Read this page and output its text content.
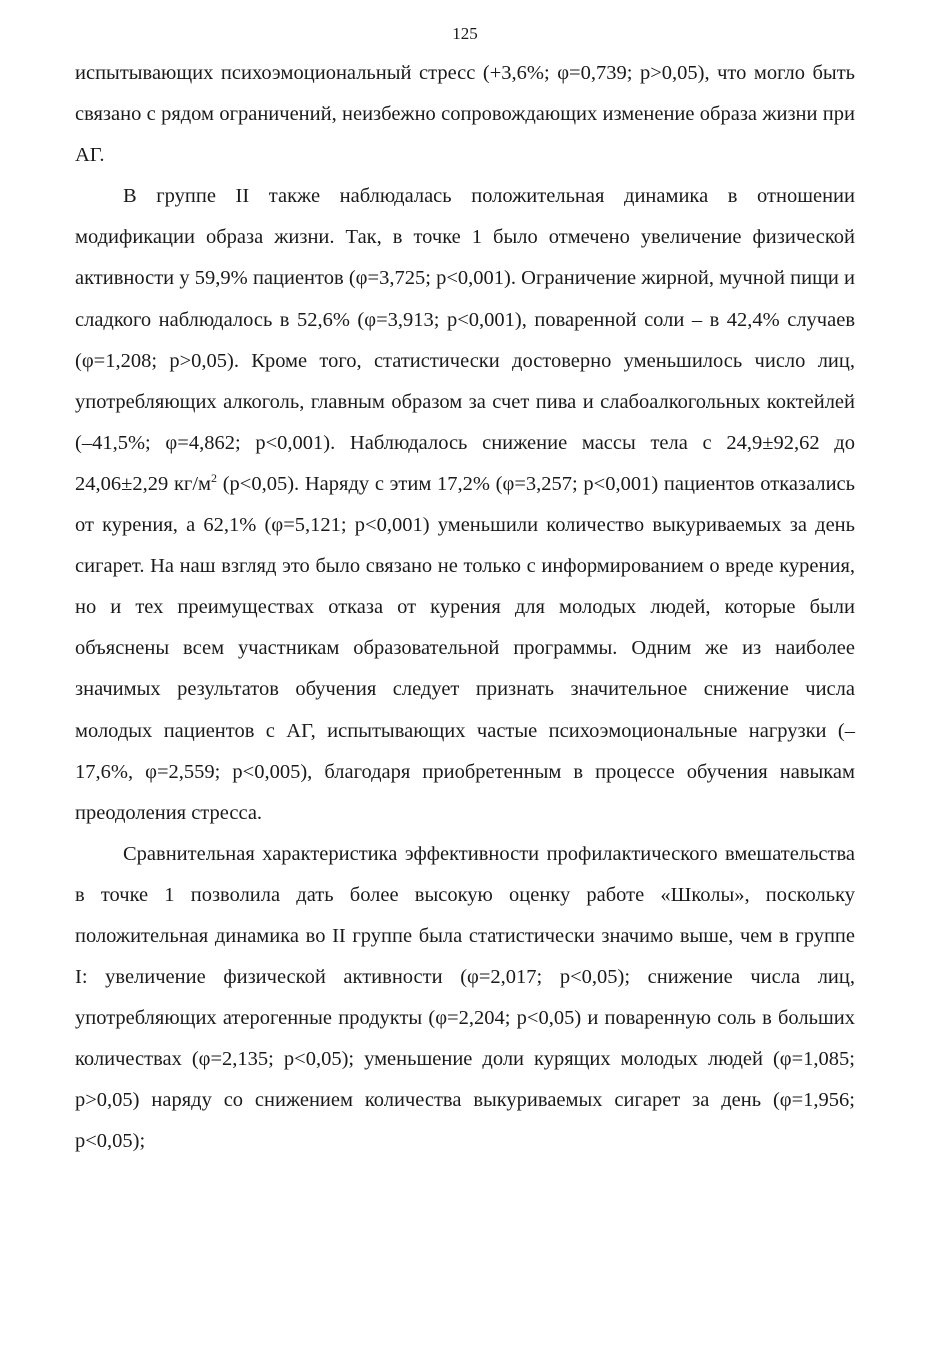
125

испытывающих психоэмоциональный стресс (+3,6%; φ=0,739; p>0,05), что могло быть связано с рядом ограничений, неизбежно сопровождающих изменение образа жизни при АГ.

В группе II также наблюдалась положительная динамика в отношении модификации образа жизни. Так, в точке 1 было отмечено увеличение физической активности у 59,9% пациентов (φ=3,725; p<0,001). Ограничение жирной, мучной пищи и сладкого наблюдалось в 52,6% (φ=3,913; p<0,001), поваренной соли – в 42,4% случаев (φ=1,208; p>0,05). Кроме того, статистически достоверно уменьшилось число лиц, употребляющих алкоголь, главным образом за счет пива и слабоалкогольных коктейлей (–41,5%; φ=4,862; p<0,001). Наблюдалось снижение массы тела с 24,9±92,62 до 24,06±2,29 $кг/м^2$ (p<0,05). Наряду с этим 17,2% (φ=3,257; p<0,001) пациентов отказались от курения, а 62,1% (φ=5,121; p<0,001) уменьшили количество выкуриваемых за день сигарет. На наш взгляд это было связано не только с информированием о вреде курения, но и тех преимуществах отказа от курения для молодых людей, которые были объяснены всем участникам образовательной программы. Одним же из наиболее значимых результатов обучения следует признать значительное снижение числа молодых пациентов с АГ, испытывающих частые психоэмоциональные нагрузки (–17,6%, φ=2,559; p<0,005), благодаря приобретенным в процессе обучения навыкам преодоления стресса.

Сравнительная характеристика эффективности профилактического вмешательства в точке 1 позволила дать более высокую оценку работе «Школы», поскольку положительная динамика во II группе была статистически значимо выше, чем в группе I: увеличение физической активности (φ=2,017; p<0,05); снижение числа лиц, употребляющих атерогенные продукты (φ=2,204; p<0,05) и поваренную соль в больших количествах (φ=2,135; p<0,05); уменьшение доли курящих молодых людей (φ=1,085; p>0,05) наряду со снижением количества выкуриваемых сигарет за день (φ=1,956; p<0,05);
